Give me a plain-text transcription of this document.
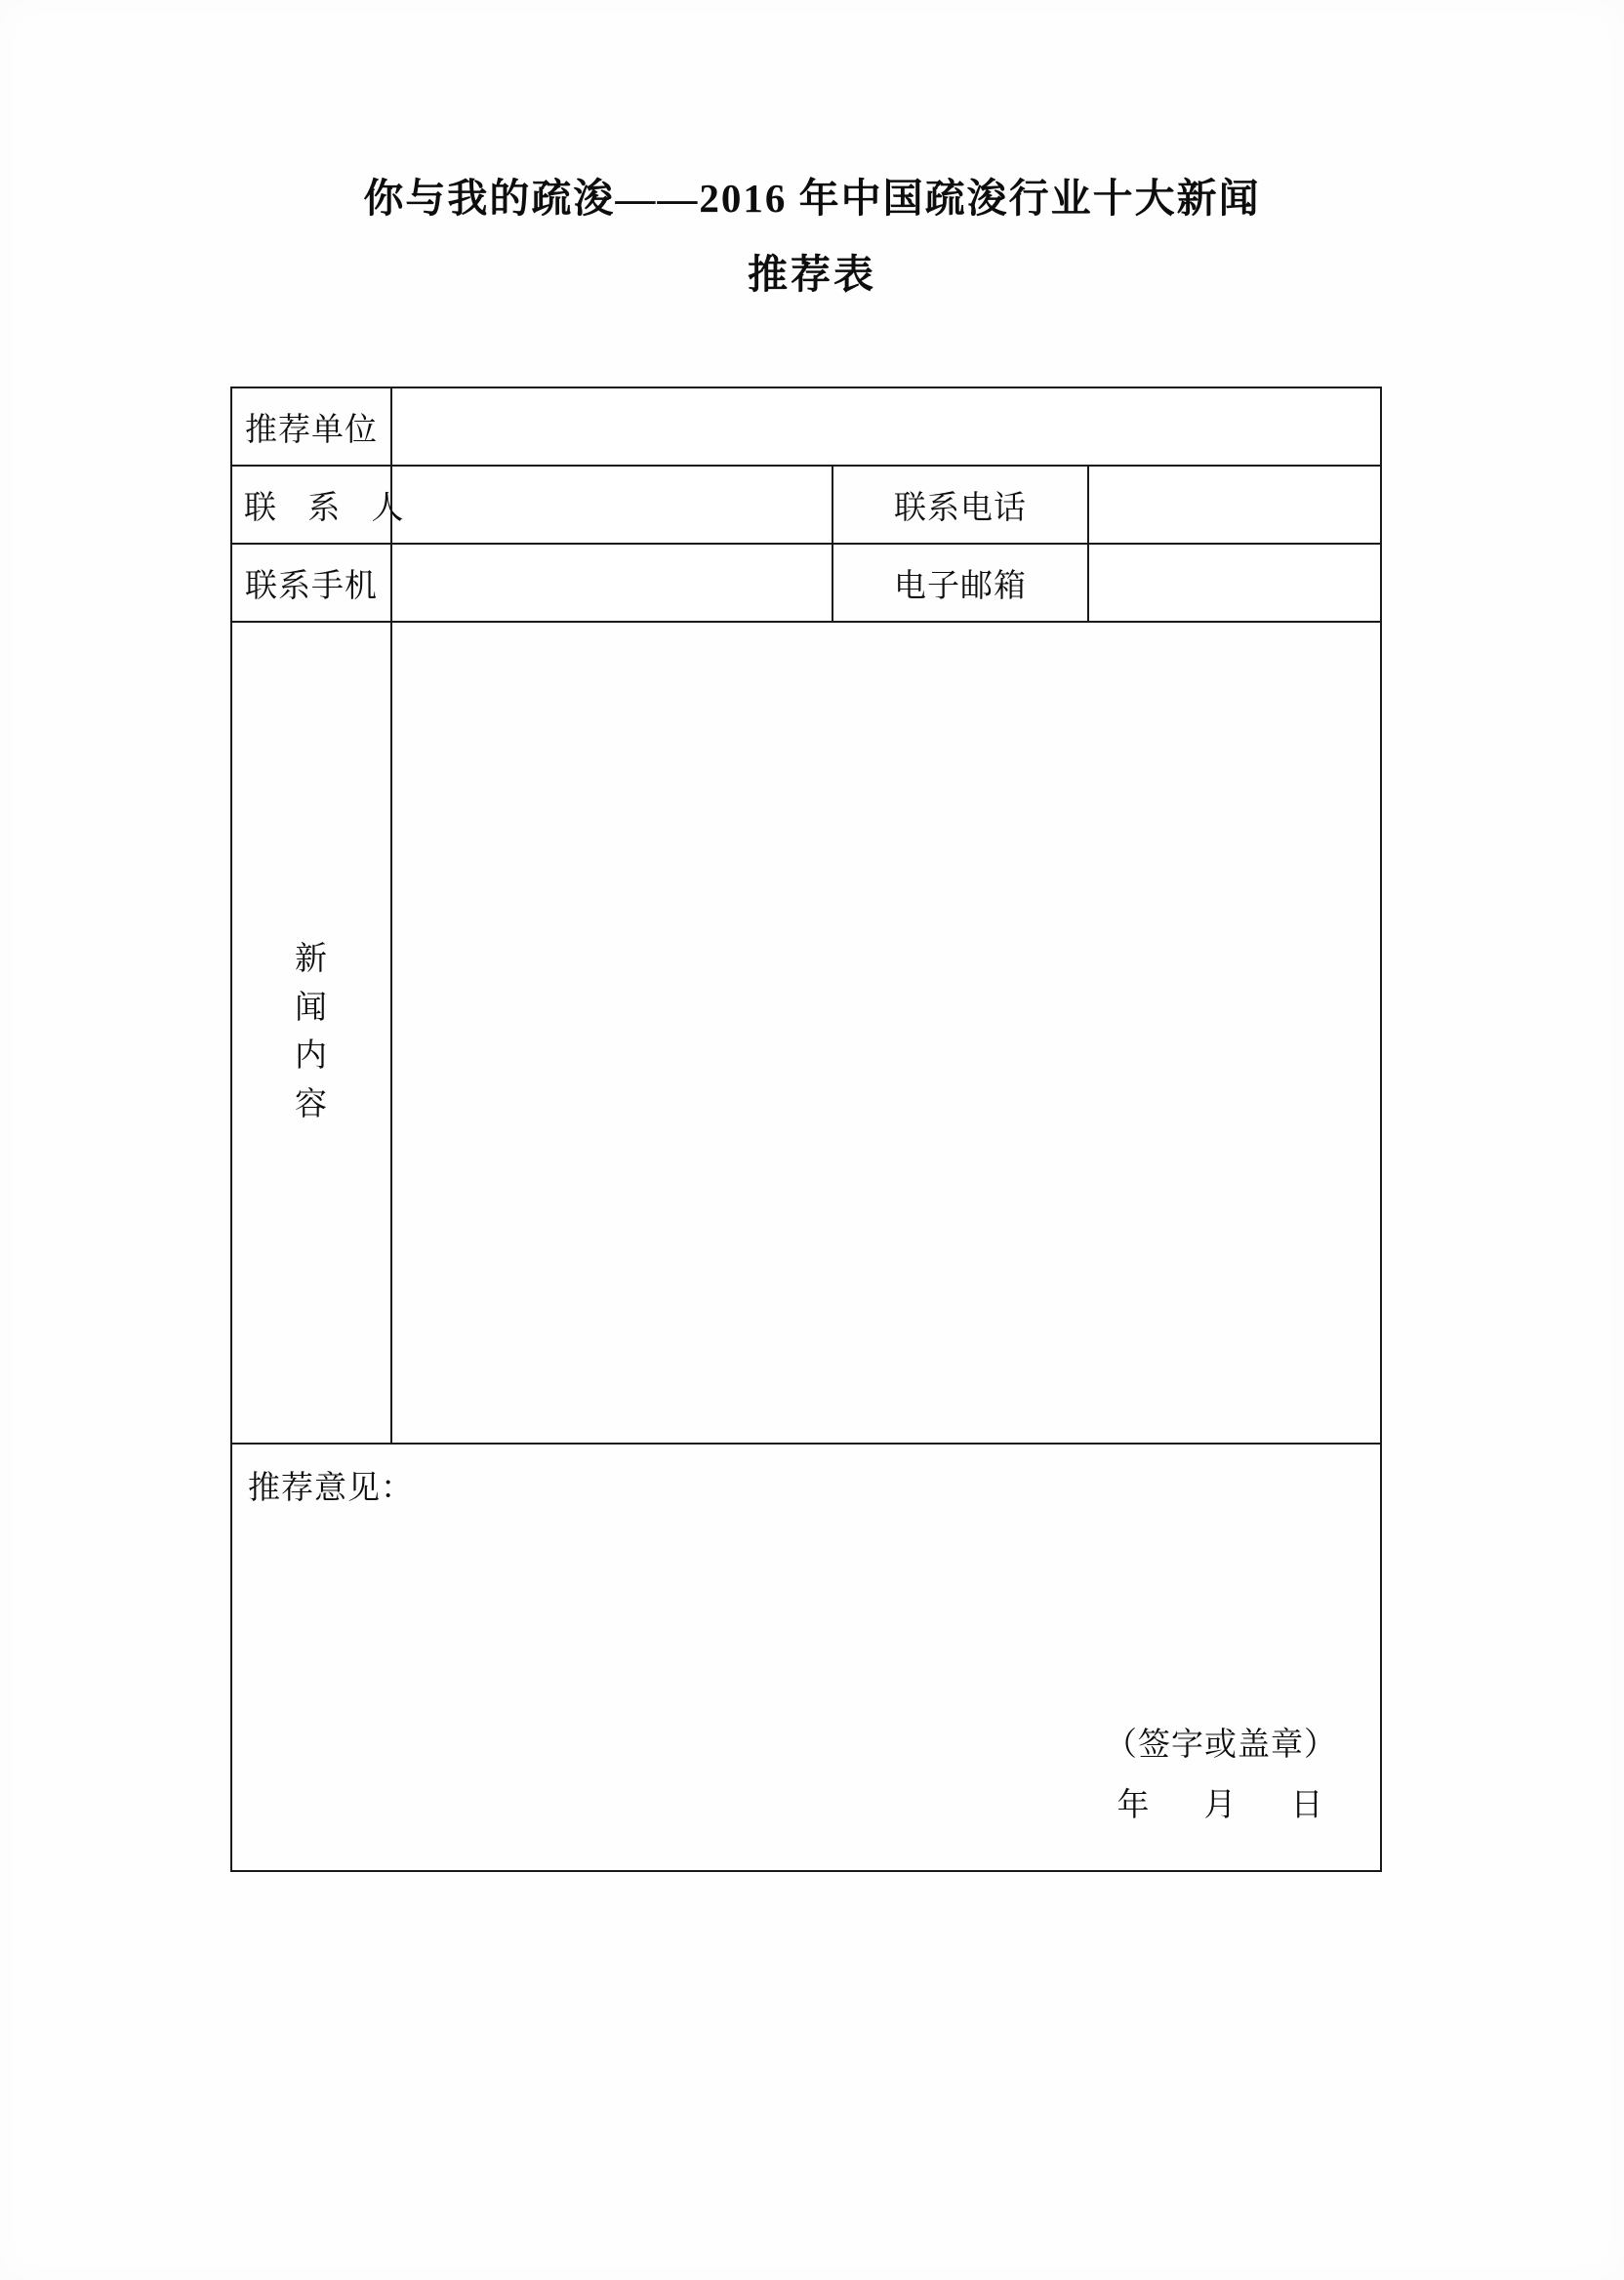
你与我的疏浚——2016 年中国疏浚行业十大新闻
推荐表
推荐单位			
联 系 人		联系电话	
联系手机		电子邮箱	

新
闻
内
容			

推荐意见：
（签字或盖章）
年 月 日			
